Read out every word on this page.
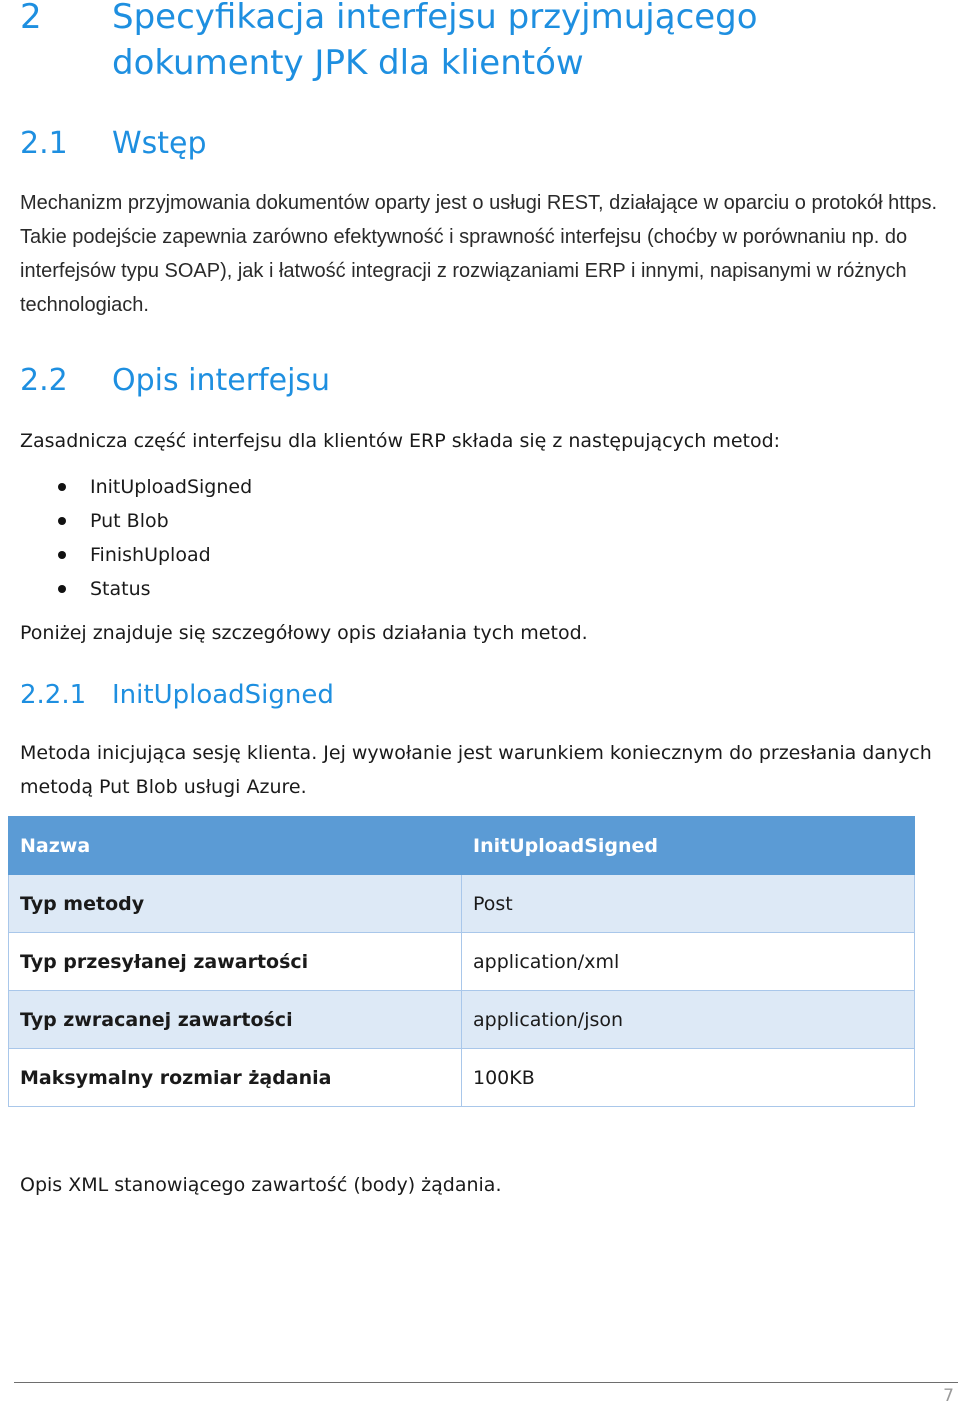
2	Specyfikacja interfejsu przyjmującego dokumenty JPK dla klientów
2.1	Wstęp
Mechanizm przyjmowania dokumentów oparty jest o usługi REST, działające w oparciu o protokół https. Takie podejście zapewnia zarówno efektywność i sprawność interfejsu (choćby w porównaniu np. do interfejsów typu SOAP), jak i łatwość integracji z rozwiązaniami ERP i innymi, napisanymi w różnych technologiach.
2.2	Opis interfejsu
Zasadnicza część interfejsu dla klientów ERP składa się z następujących metod:
InitUploadSigned
Put Blob
FinishUpload
Status
Poniżej znajduje się szczegółowy opis działania tych metod.
2.2.1 InitUploadSigned
Metoda inicjująca sesję klienta. Jej wywołanie jest warunkiem koniecznym do przesłania danych metodą Put Blob usługi Azure.
Nazwa	InitUploadSigned
Typ metody	Post
Typ przesyłanej zawartości	application/xml
Typ zwracanej zawartości	application/json
Maksymalny rozmiar żądania	100KB
Opis XML stanowiącego zawartość (body) żądania.
7
